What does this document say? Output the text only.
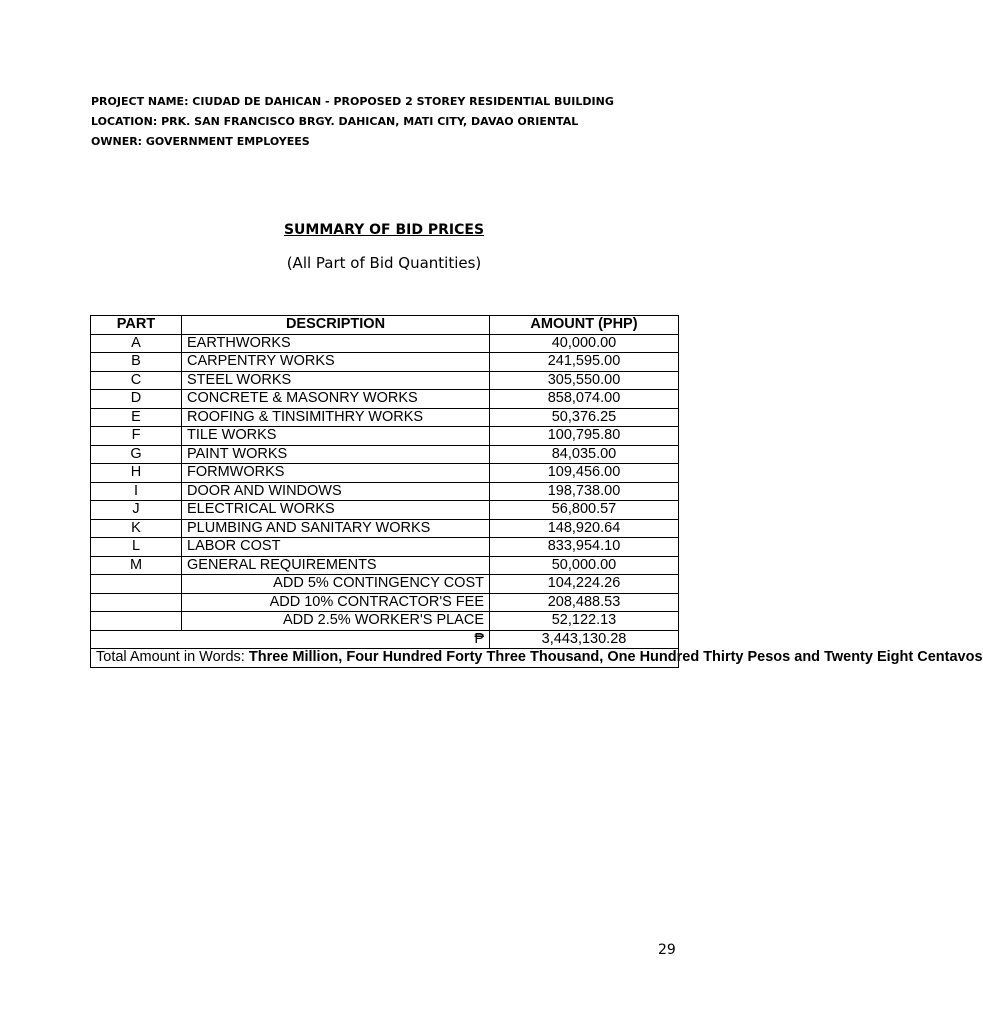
PROJECT NAME: CIUDAD DE DAHICAN - PROPOSED 2 STOREY RESIDENTIAL BUILDING
LOCATION: PRK. SAN FRANCISCO BRGY. DAHICAN, MATI CITY, DAVAO ORIENTAL
OWNER: GOVERNMENT EMPLOYEES
SUMMARY OF BID PRICES
(All Part of Bid Quantities)
PART	DESCRIPTION	AMOUNT (PHP)
A	EARTHWORKS	40,000.00
B	CARPENTRY WORKS	241,595.00
C	STEEL WORKS	305,550.00
D	CONCRETE & MASONRY WORKS	858,074.00
E	ROOFING & TINSIMITHRY WORKS	50,376.25
F	TILE WORKS	100,795.80
G	PAINT WORKS	84,035.00
H	FORMWORKS	109,456.00
I	DOOR AND WINDOWS	198,738.00
J	ELECTRICAL WORKS	56,800.57
K	PLUMBING AND SANITARY WORKS	148,920.64
L	LABOR COST	833,954.10
M	GENERAL REQUIREMENTS	50,000.00
	ADD 5% CONTINGENCY COST	104,224.26
	ADD 10% CONTRACTOR'S FEE	208,488.53
	ADD 2.5% WORKER'S PLACE	52,122.13
₱		3,443,130.28
Total Amount in Words: Three Million, Four Hundred Forty Three Thousand, One Hundred Thirty Pesos and Twenty Eight Centavos		
29
